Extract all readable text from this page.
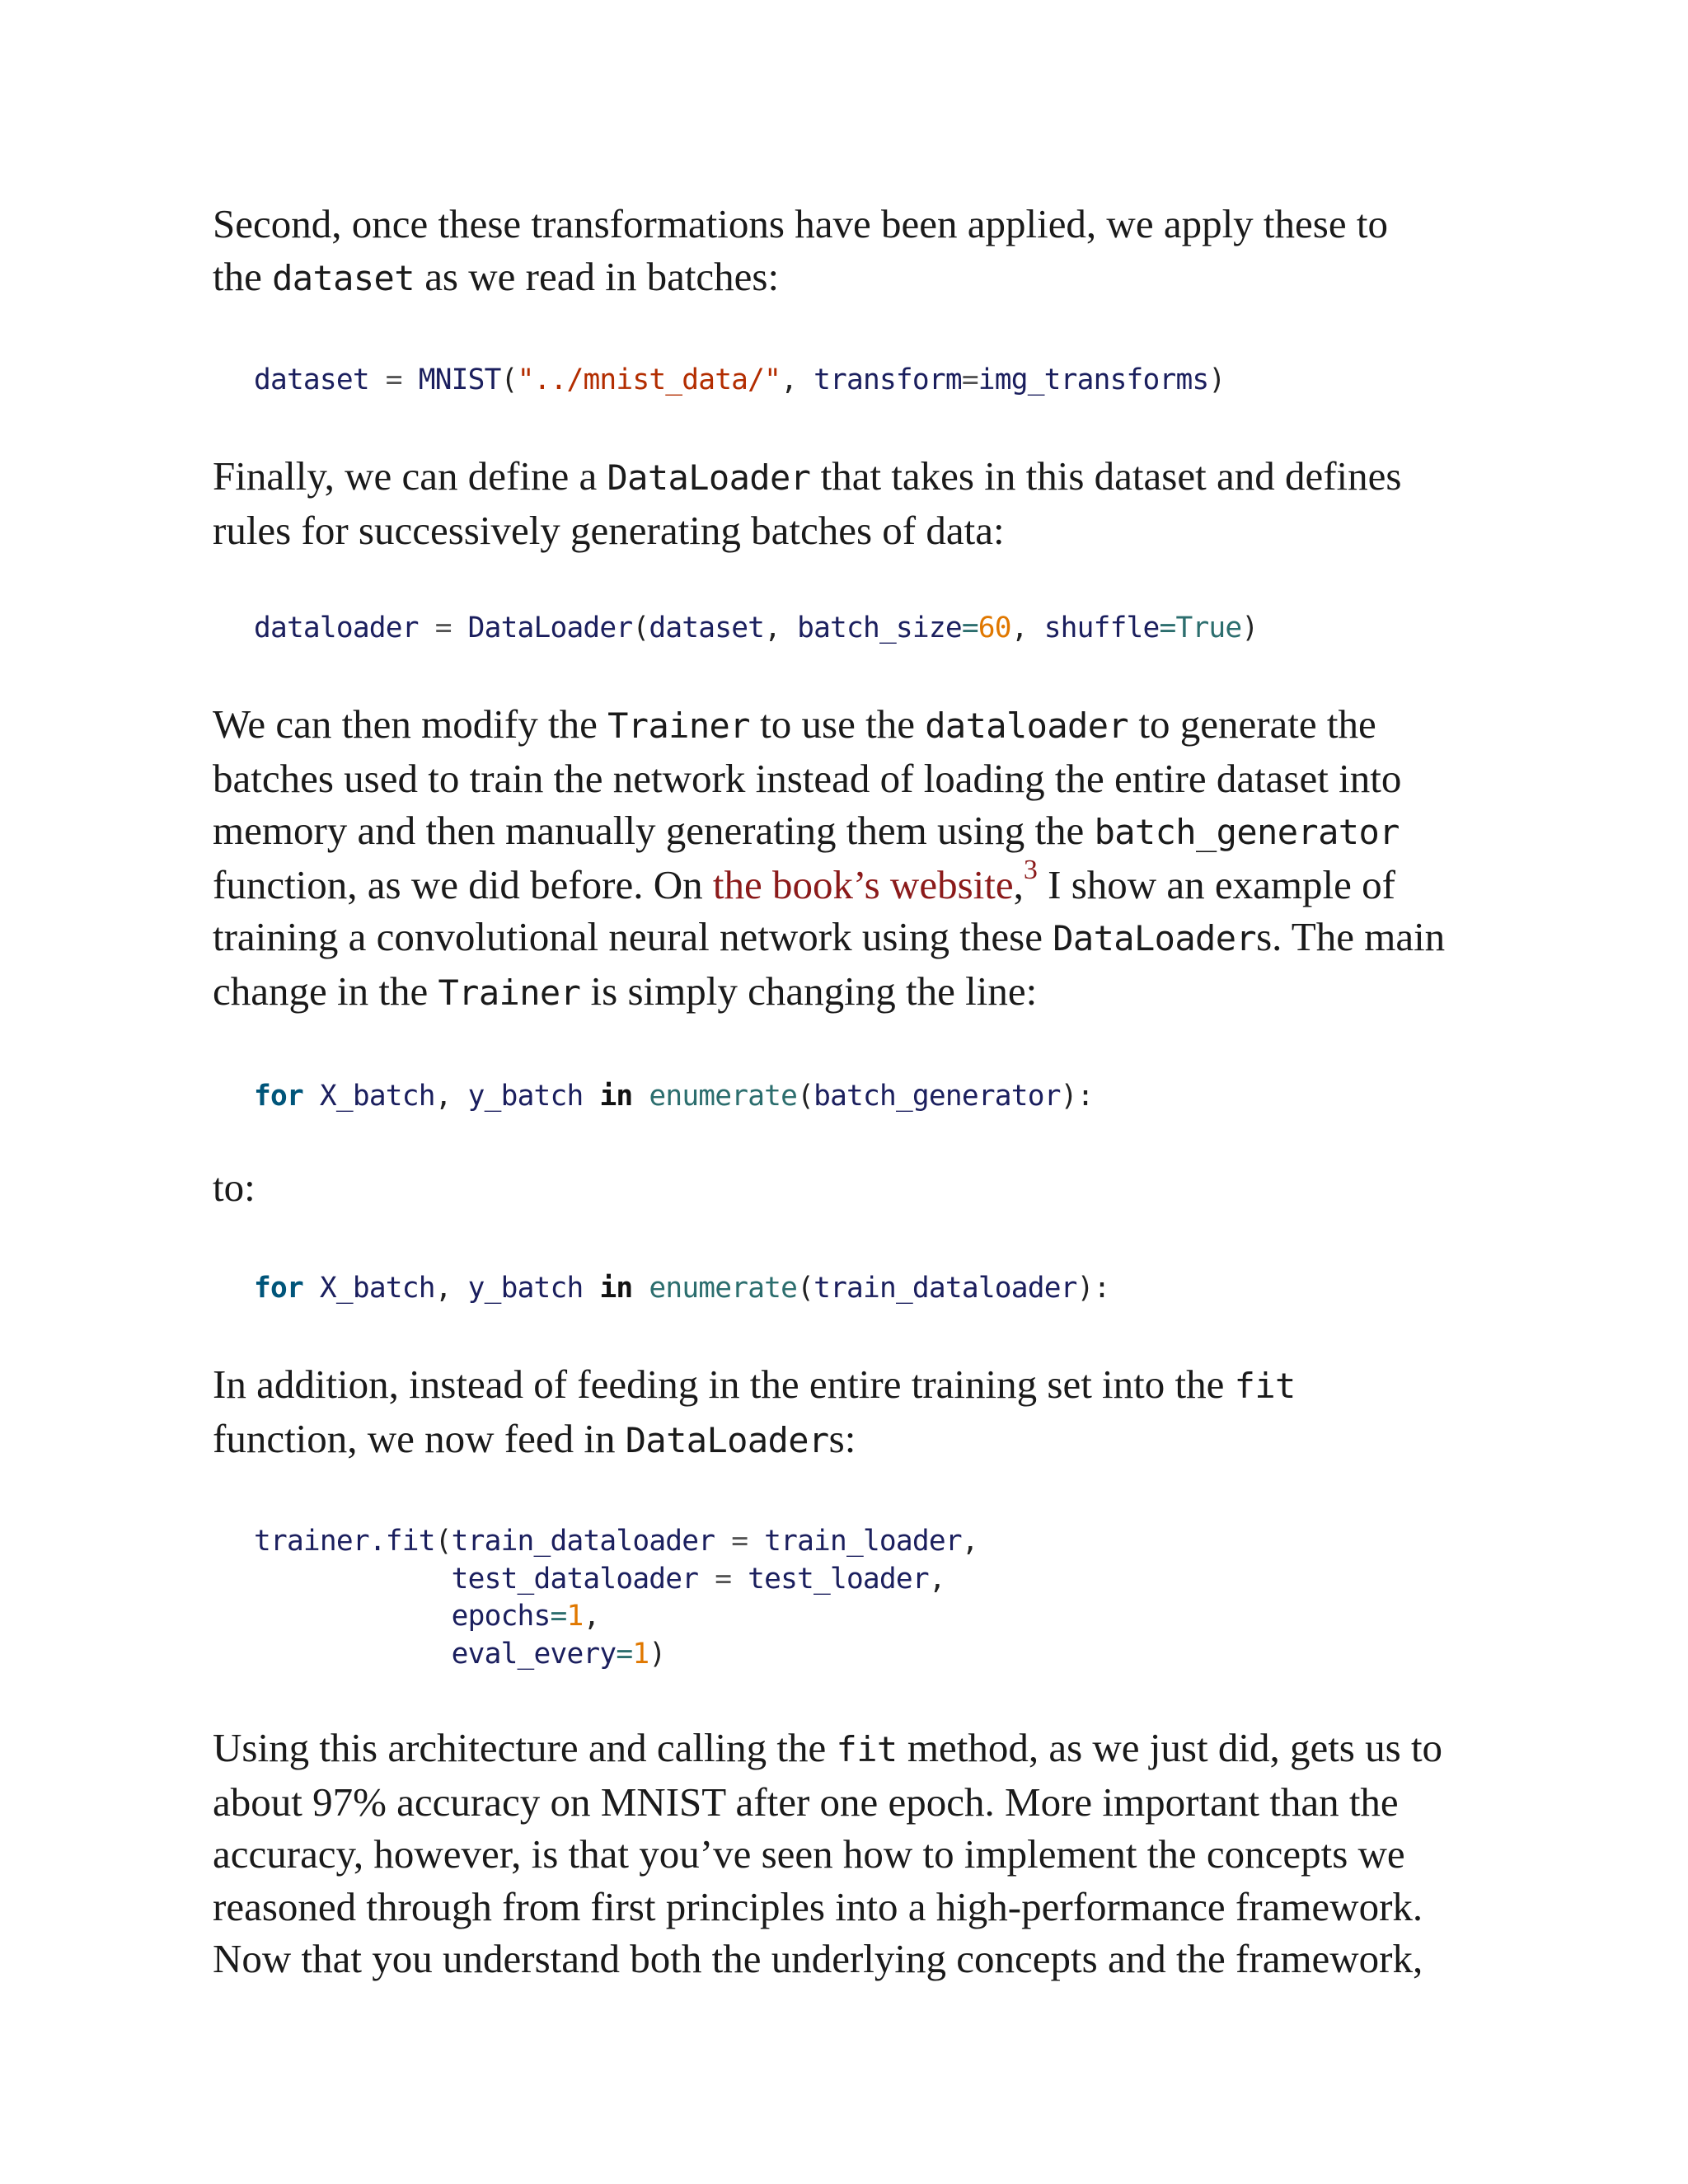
Second, once these transformations have been applied, we apply these to
the dataset as we read in batches:
dataset = MNIST("../mnist_data/", transform=img_transforms)
Finally, we can define a DataLoader that takes in this dataset and defines
rules for successively generating batches of data:
dataloader = DataLoader(dataset, batch_size=60, shuffle=True)
We can then modify the Trainer to use the dataloader to generate the
batches used to train the network instead of loading the entire dataset into
memory and then manually generating them using the batch_generator
function, as we did before. On the book’s website,$^3$ I show an example of
training a convolutional neural network using these DataLoaders. The main
change in the Trainer is simply changing the line:
for X_batch, y_batch in enumerate(batch_generator):
to:
for X_batch, y_batch in enumerate(train_dataloader):
In addition, instead of feeding in the entire training set into the fit
function, we now feed in DataLoaders:
trainer.fit(train_dataloader = train_loader,
test_dataloader = test_loader,
epochs=1,
eval_every=1)
Using this architecture and calling the fit method, as we just did, gets us to
about 97% accuracy on MNIST after one epoch. More important than the
accuracy, however, is that you’ve seen how to implement the concepts we
reasoned through from first principles into a high-performance framework.
Now that you understand both the underlying concepts and the framework,
